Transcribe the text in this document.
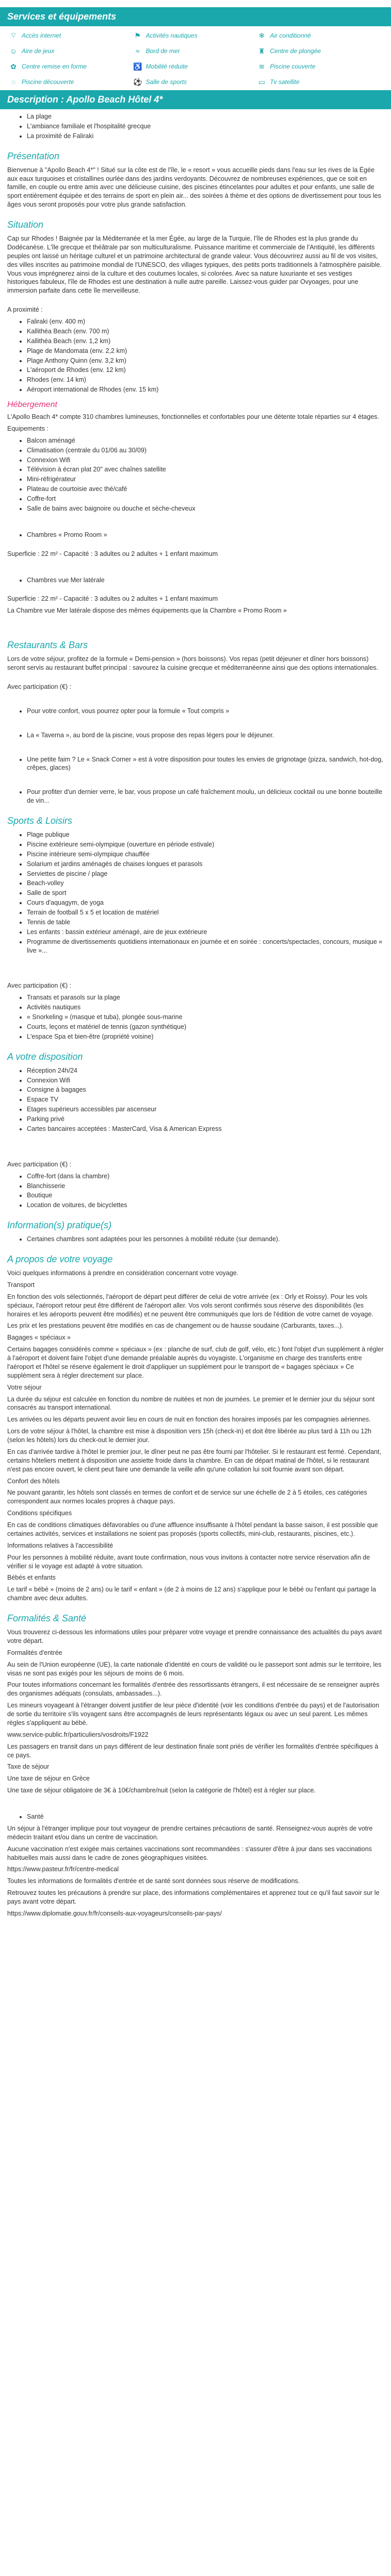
Services et équipements
⌔ Accès internet	⚑ Activités nautiques	❄ Air conditionné
☺ Aire de jeux	≈	Bord de mer	♜ Centre de plongée
✿ Centre remise en forme	♿ Mobilité réduite	≋ Piscine couverte
◌ Piscine découverte	⚽ Salle de sports	▭ Tv satellite
Description : Apollo Beach Hôtel 4*
• La plage
• L'ambiance familiale et l'hospitalité grecque
• La proximité de Faliraki
Présentation

Bienvenue à "Apollo Beach 4*" ! Situé sur la côte est de l'île, le « resort » vous accueille pieds dans l'eau sur les rives de la Égée aux eaux turquoises et cristallines ourlée dans des jardins verdoyants. Découvrez de nombreuses expériences, que ce soit en famille, en couple ou entre amis avec une délicieuse cuisine, des piscines étincelantes pour adultes et pour enfants, une salle de sport entièrement équipée et des terrains de sport en plein air... des soirées à thème et des options de divertissement pour tous les âges vous seront proposés pour votre plus grande satisfaction.

Situation

Cap sur Rhodes ! Baignée par la Méditerranée et la mer Égée, au large de la Turquie, l'île de Rhodes est la plus grande du Dodécanèse. L'île grecque et théâtrale par son multiculturalisme. Puissance maritime et commerciale de l'Antiquité, les différents peuples ont laissé un héritage culturel et un patrimoine architectural de grande valeur. Vous découvrirez aussi au fil de vos visites, des villes inscrites au patrimoine mondial de l'UNESCO, des villages typiques, des petits ports traditionnels à l'atmosphère paisible. Vous vous imprégnerez ainsi de la culture et des coutumes locales, si colorées. Avec sa nature luxuriante et ses vestiges historiques fabuleux, l'île de Rhodes est une destination à nulle autre pareille. Laissez-vous guider par Ovyoages, pour une immersion parfaite dans cette île merveilleuse.

A proximité :

• Faliraki (env. 400 m)
• Kallithéa Beach (env. 700 m)
• Kallithéa Beach (env. 1,2 km)
• Plage de Mandomata (env. 2,2 km)
• Plage Anthony Quinn (env. 3,2 km)
• L'aéroport de Rhodes (env. 12 km)
• Rhodes (env. 14 km)
• Aéroport international de Rhodes (env. 15 km)
Hébergement

L'Apollo Beach 4* compte 310 chambres lumineuses, fonctionnelles et confortables pour une détente totale réparties sur 4 étages.

Equipements :

• Balcon aménagé
• Climatisation (centrale du 01/06 au 30/09)
• Connexion Wifi
• Télévision à écran plat 20" avec chaînes satellite
• Mini-réfrigérateur
• Plateau de courtoisie avec thé/café
• Coffre-fort
• Salle de bains avec baignoire ou douche et sèche-cheveux
• Chambres « Promo Room »

Superficie : 22 m² - Capacité : 3 adultes ou 2 adultes + 1 enfant maximum

• Chambres vue Mer latérale

Superficie : 22 m² - Capacité : 3 adultes ou 2 adultes + 1 enfant maximum

La Chambre vue Mer latérale dispose des mêmes équipements que la Chambre « Promo Room »

Restaurants & Bars

Lors de votre séjour, profitez de la formule « Demi-pension » (hors boissons). Vos repas (petit déjeuner et dîner hors boissons) seront servis au restaurant buffet principal : savourez la cuisine grecque et méditerranéenne ainsi que des options internationales.

Avec participation (€) :

• Pour votre confort, vous pourrez opter pour la formule « Tout compris »
• La « Taverna », au bord de la piscine, vous propose des repas légers pour le déjeuner.
• Une petite faim ? Le « Snack Corner » est à votre disposition pour toutes les envies de grignotage (pizza, sandwich, hot-dog, crêpes, glaces)
• Pour profiter d'un dernier verre, le bar, vous propose un café fraîchement moulu, un délicieux cocktail ou une bonne bouteille de vin...
Sports & Loisirs
• Plage publique
• Piscine extérieure semi-olympique (ouverture en période estivale)
• Piscine intérieure semi-olympique chauffée
• Solarium et jardins aménagés de chaises longues et parasols
• Serviettes de piscine / plage
• Beach-volley
• Salle de sport
• Cours d'aquagym, de yoga
• Terrain de football 5 x 5 et location de matériel
• Tennis de table
• Les enfants : bassin extérieur aménagé, aire de jeux extérieure
• Programme de divertissements quotidiens internationaux en journée et en soirée : concerts/spectacles, concours, musique « live »...

Avec participation (€) :

• Transats et parasols sur la plage
• Activités nautiques
• « Snorkeling » (masque et tuba), plongée sous-marine
• Courts, leçons et matériel de tennis (gazon synthétique)
• L'espace Spa et bien-être (propriété voisine)
A votre disposition
• Réception 24h/24
• Connexion Wifi
• Consigne à bagages
• Espace TV
• Etages supérieurs accessibles par ascenseur
• Parking privé
• Cartes bancaires acceptées : MasterCard, Visa & American Express

Avec participation (€) :

• Coffre-fort (dans la chambre)
• Blanchisserie
• Boutique
• Location de voitures, de bicyclettes
Information(s) pratique(s)
• Certaines chambres sont adaptées pour les personnes à mobilité réduite (sur demande).
A propos de votre voyage

Voici quelques informations à prendre en considération concernant votre voyage.

Transport

En fonction des vols sélectionnés, l'aéroport de départ peut différer de celui de votre arrivée (ex : Orly et Roissy). Pour les vols spéciaux, l'aéroport retour peut être différent de l'aéroport aller. Vos vols seront confirmés sous réserve des disponibilités (les horaires et les aéroports peuvent être modifiés) et ne peuvent être communiqués que lors de l'édition de votre carnet de voyage.

Les prix et les prestations peuvent être modifiés en cas de changement ou de hausse soudaine (Carburants, taxes...).

Bagages « spéciaux »

Certains bagages considérés comme « spéciaux » (ex : planche de surf, club de golf, vélo, etc.) font l'objet d'un supplément à régler à l'aéroport et doivent faire l'objet d'une demande préalable auprès du voyagiste. L'organisme en charge des transferts entre l'aéroport et l'hôtel se réserve également le droit d'appliquer un supplément pour le transport de « bagages spéciaux » Ce supplément sera à régler directement sur place.

Votre séjour

La durée du séjour est calculée en fonction du nombre de nuitées et non de journées. Le premier et le dernier jour du séjour sont consacrés au transport international.

Les arrivées ou les départs peuvent avoir lieu en cours de nuit en fonction des horaires imposés par les compagnies aériennes.

Lors de votre séjour à l'hôtel, la chambre est mise à disposition vers 15h (check-in) et doit être libérée au plus tard à 11h ou 12h (selon les hôtels) lors du check-out le dernier jour.

En cas d'arrivée tardive à l'hôtel le premier jour, le dîner peut ne pas être fourni par l'hôtelier. Si le restaurant est fermé. Cependant, certains hôteliers mettent à disposition une assiette froide dans la chambre. En cas de départ matinal de l'hôtel, si le restaurant n'est pas encore ouvert, le client peut faire une demande la veille afin qu'une collation lui soit fournie avant son départ.

Confort des hôtels

Ne pouvant garantir, les hôtels sont classés en termes de confort et de service sur une échelle de 2 à 5 étoiles, ces catégories correspondent aux normes locales propres à chaque pays.

Conditions spécifiques

En cas de conditions climatiques défavorables ou d'une affluence insuffisante à l'hôtel pendant la basse saison, il est possible que certaines activités, services et installations ne soient pas proposés (sports collectifs, mini-club, restaurants, piscines, etc.).

Informations relatives à l'accessibilité

Pour les personnes à mobilité réduite, avant toute confirmation, nous vous invitons à contacter notre service réservation afin de vérifier si le voyage est adapté à votre situation.

Bébés et enfants

Le tarif « bébé » (moins de 2 ans) ou le tarif « enfant » (de 2 à moins de 12 ans) s'applique pour le bébé ou l'enfant qui partage la chambre avec deux adultes.

Formalités & Santé

Vous trouverez ci-dessous les informations utiles pour préparer votre voyage et prendre connaissance des actualités du pays avant votre départ.

Formalités d'entrée

Au sein de l'Union européenne (UE), la carte nationale d'identité en cours de validité ou le passeport sont admis sur le territoire, les visas ne sont pas exigés pour les séjours de moins de 6 mois.

Pour toutes informations concernant les formalités d'entrée des ressortissants étrangers, il est nécessaire de se renseigner auprès des organismes adéquats (consulats, ambassades...).

Les mineurs voyageant à l'étranger doivent justifier de leur pièce d'identité (voir les conditions d'entrée du pays) et de l'autorisation de sortie du territoire s'ils voyagent sans être accompagnés de leurs représentants légaux ou avec un seul parent. Les mêmes règles s'appliquent au bébé.

www.service-public.fr/particuliers/vosdroits/F1922

Les passagers en transit dans un pays différent de leur destination finale sont priés de vérifier les formalités d'entrée spécifiques à ce pays.

Taxe de séjour

Une taxe de séjour en Grèce

Une taxe de séjour obligatoire de 3€ à 10€/chambre/nuit (selon la catégorie de l'hôtel) est à régler sur place.

• Santé

Un séjour à l'étranger implique pour tout voyageur de prendre certaines précautions de santé. Renseignez-vous auprès de votre médecin traitant et/ou dans un centre de vaccination.

Aucune vaccination n'est exigée mais certaines vaccinations sont recommandées : s'assurer d'être à jour dans ses vaccinations habituelles mais aussi dans le cadre de zones géographiques visitées.

https://www.pasteur.fr/fr/centre-medical

Toutes les informations de formalités d'entrée et de santé sont données sous réserve de modifications.

Retrouvez toutes les précautions à prendre sur place, des informations complémentaires et apprenez tout ce qu'il faut savoir sur le pays avant votre départ.

https://www.diplomatie.gouv.fr/fr/conseils-aux-voyageurs/conseils-par-pays/
